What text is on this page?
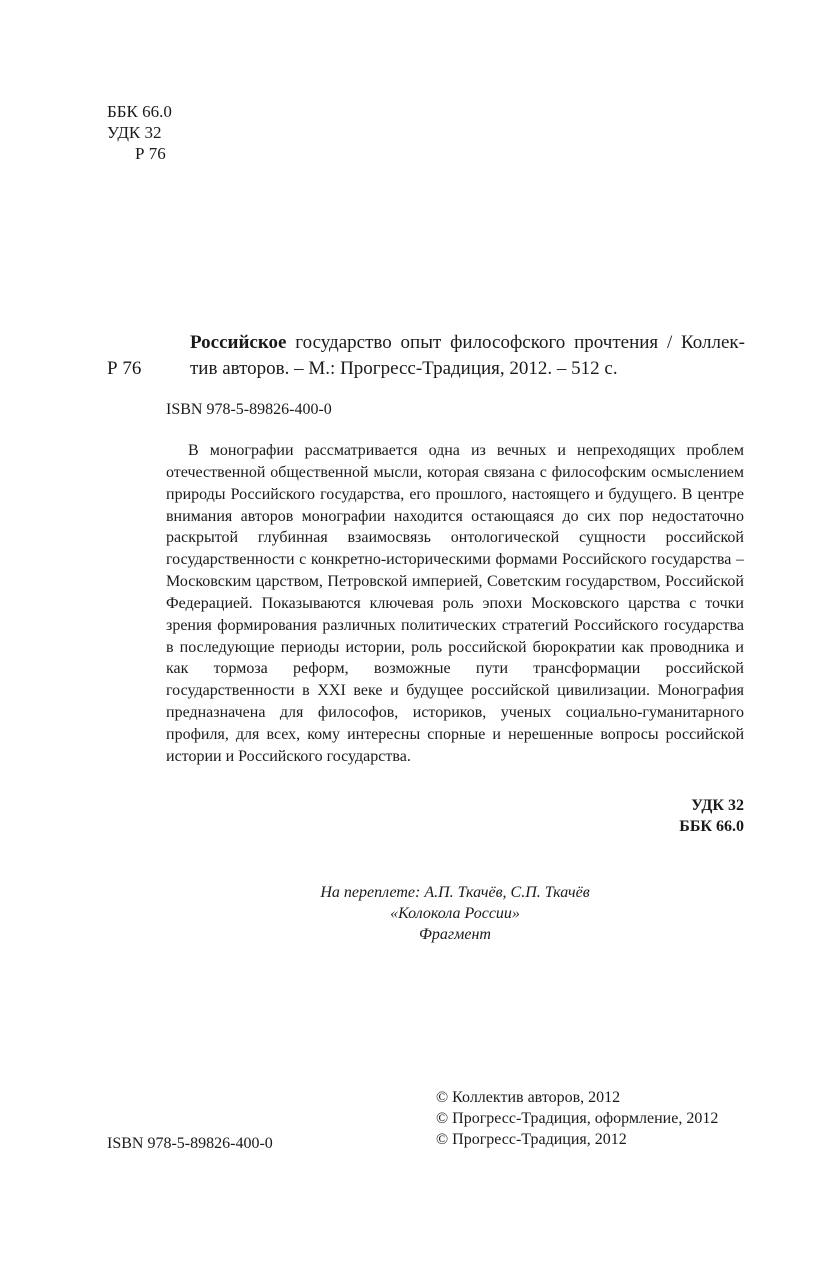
ББК 66.0
УДК 32
Р 76
Р 76
Российское государство опыт философского прочтения / Коллек-
тив авторов. – М.: Прогресс-Традиция, 2012. – 512 с.
ISBN 978-5-89826-400-0

В монографии рассматривается одна из вечных и непреходящих проблем отечественной общественной мысли, которая связана с философским осмыслением природы Российского государства, его прошлого, настоящего и будущего. В центре внимания авторов монографии находится остающаяся до сих пор недостаточно раскрытой глубинная взаимосвязь онтологической сущности российской государственности с конкретно-историческими формами Российского государства – Московским царством, Петровской империей, Советским государством, Российской Федерацией. Показываются ключевая роль эпохи Московского царства с точки зрения формирования различных политических стратегий Российского государства в последующие периоды истории, роль российской бюрократии как проводника и как тормоза реформ, возможные пути трансформации российской государственности в XXI веке и будущее российской цивилизации. Монография предназначена для философов, историков, ученых социально-гуманитарного профиля, для всех, кому интересны спорные и нерешенные вопросы российской истории и Российского государства.

УДК 32
ББК 66.0
На переплете: А.П. Ткачёв, С.П. Ткачёв
«Колокола России»
Фрагмент
© Коллектив авторов, 2012
© Прогресс-Традиция, оформление, 2012
© Прогресс-Традиция, 2012
ISBN 978-5-89826-400-0
